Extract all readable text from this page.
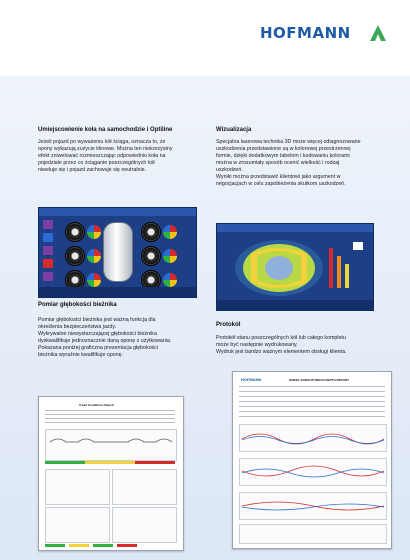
HOFMANN
Umiejscowienie koła na samochodzie i Optiline

Jeżeli pojazd po wyważeniu kół ściąga, oznacza to, że

opony wykazują zużycie klinowe. Można ten niekorzystny

efekt zniwelować rozmieszczając odpowiednio koła na

pojedziale przez co ściąganie poszczególnych kół

niweluje się i pojazd zachowuje się neutralnie.

Wizualizacja

Specjalna laserowa technika 3D może więcej-zdiagnozowane

uszkodzenia przedstawione są w kolorowej przestrzennej

formie, dzięki dodatkowym tabelom i kodowaniu kolorami

można w zrozumiały sposób ocenić wielkość i rodzaj

uszkodzeń.

Wyniki można przedstawić klientowi jako argument w

negocjacjach w celu zapobieżenia skutkom uszkodzeń.

Pomiar głębokości bieżnika

Pomiar głębokości bieżnika jest ważną funkcją dla

określenia bezpieczeństwa jazdy.

Wykrywalne niewystarczającej głębokości bieżnika

dyskwalifikuje jednoznacznie daną oponę z użytkowania.

Pokazana poniżej graficzna prezentacja głębokości

bieżnika wyraźnie kwalifikuje oponę.

Protokół

Protokół stanu poszczególnych kół lub całego kompletu

może być następnie wydrukowany.

Wydruk jest bardzo ważnym elementem obsługi klienta.

Tread Conditions Report
HOFMANN	WHEEL RUNOUT/TREAD DEPTH REPORT
